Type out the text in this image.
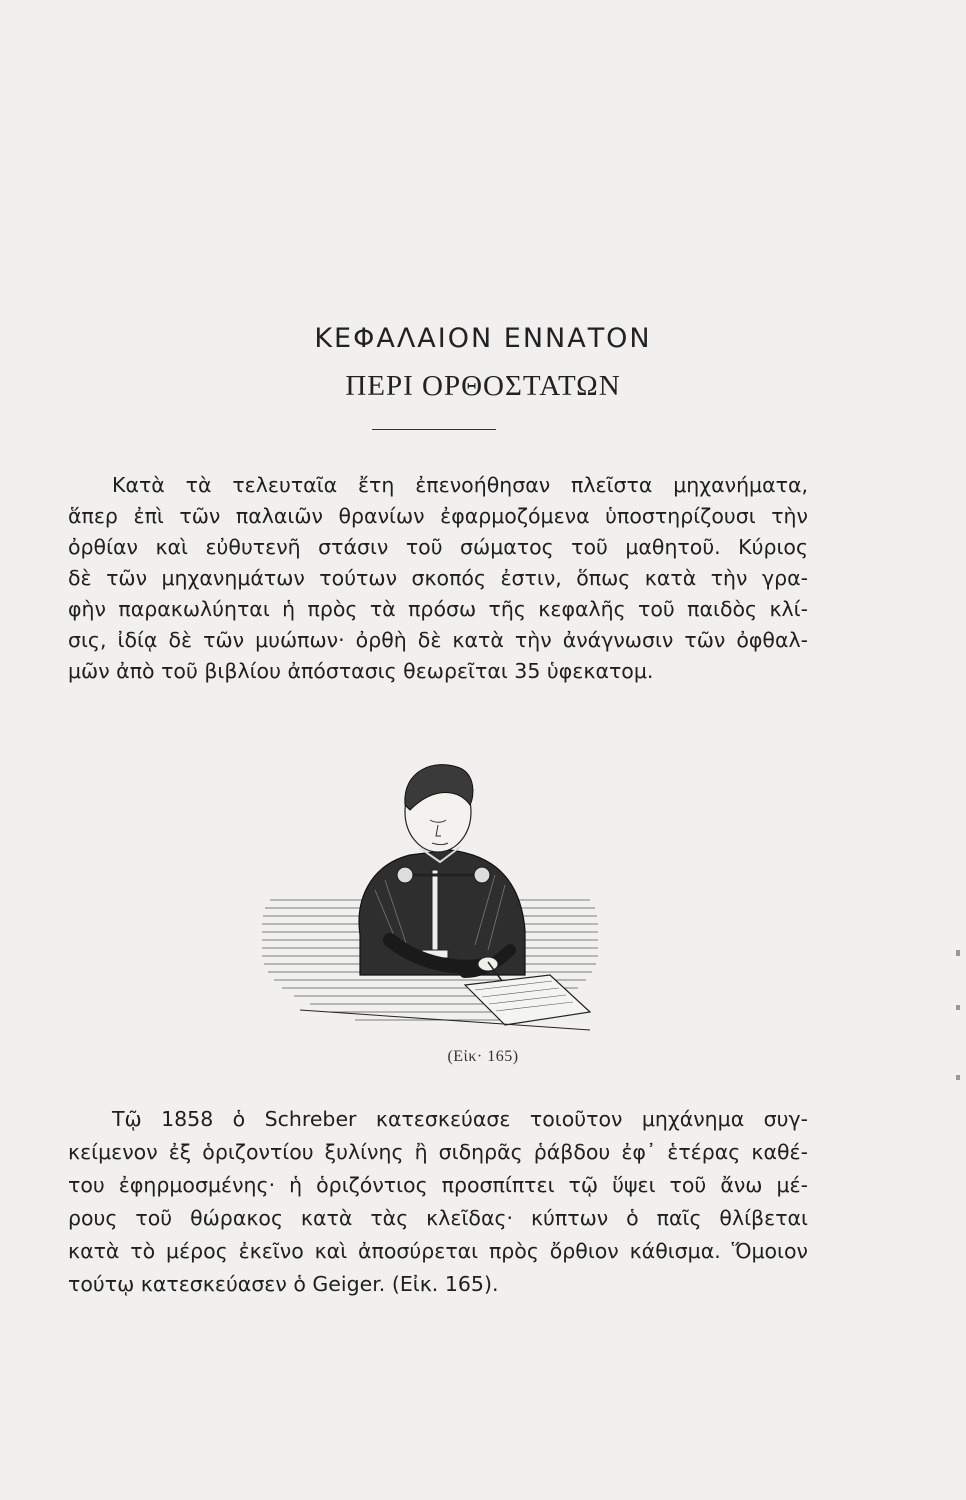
ΚΕΦΑΛΑΙΟΝ ΕΝΝΑΤΟΝ
ΠΕΡΙ ΟΡΘΟΣΤΑΤΩΝ
Κατὰ τὰ τελευταῖα ἔτη ἐπενοήθησαν πλεῖστα μηχανήματα,
ἅπερ ἐπὶ τῶν παλαιῶν θρανίων ἐφαρμοζόμενα ὑποστηρίζουσι τὴν
ὀρθίαν καὶ εὐθυτενῆ στάσιν τοῦ σώματος τοῦ μαθητοῦ. Κύριος
δὲ τῶν μηχανημάτων τούτων σκοπός ἐστιν, ὅπως κατὰ τὴν γρα-
φὴν παρακωλύηται ἡ πρὸς τὰ πρόσω τῆς κεφαλῆς τοῦ παιδὸς κλί-
σις, ἰδίᾳ δὲ τῶν μυώπων· ὀρθὴ δὲ κατὰ τὴν ἀνάγνωσιν τῶν ὀφθαλ-
μῶν ἀπὸ τοῦ βιβλίου ἀπόστασις θεωρεῖται 35 ὑφεκατομ.
(Εἰκ· 165)
Τῷ 1858 ὁ Schreber κατεσκεύασε τοιοῦτον μηχάνημα συγ-
κείμενον ἐξ ὁριζοντίου ξυλίνης ἢ σιδηρᾶς ῥάβδου ἐφ᾽ ἑτέρας καθέ-
του ἐφηρμοσμένης· ἡ ὁριζόντιος προσπίπτει τῷ ὕψει τοῦ ἄνω μέ-
ρους τοῦ θώρακος κατὰ τὰς κλεῖδας· κύπτων ὁ παῖς θλίβεται
κατὰ τὸ μέρος ἐκεῖνο καὶ ἀποσύρεται πρὸς ὄρθιον κάθισμα. Ὅμοιον
τούτῳ κατεσκεύασεν ὁ Geiger. (Εἰκ. 165).
